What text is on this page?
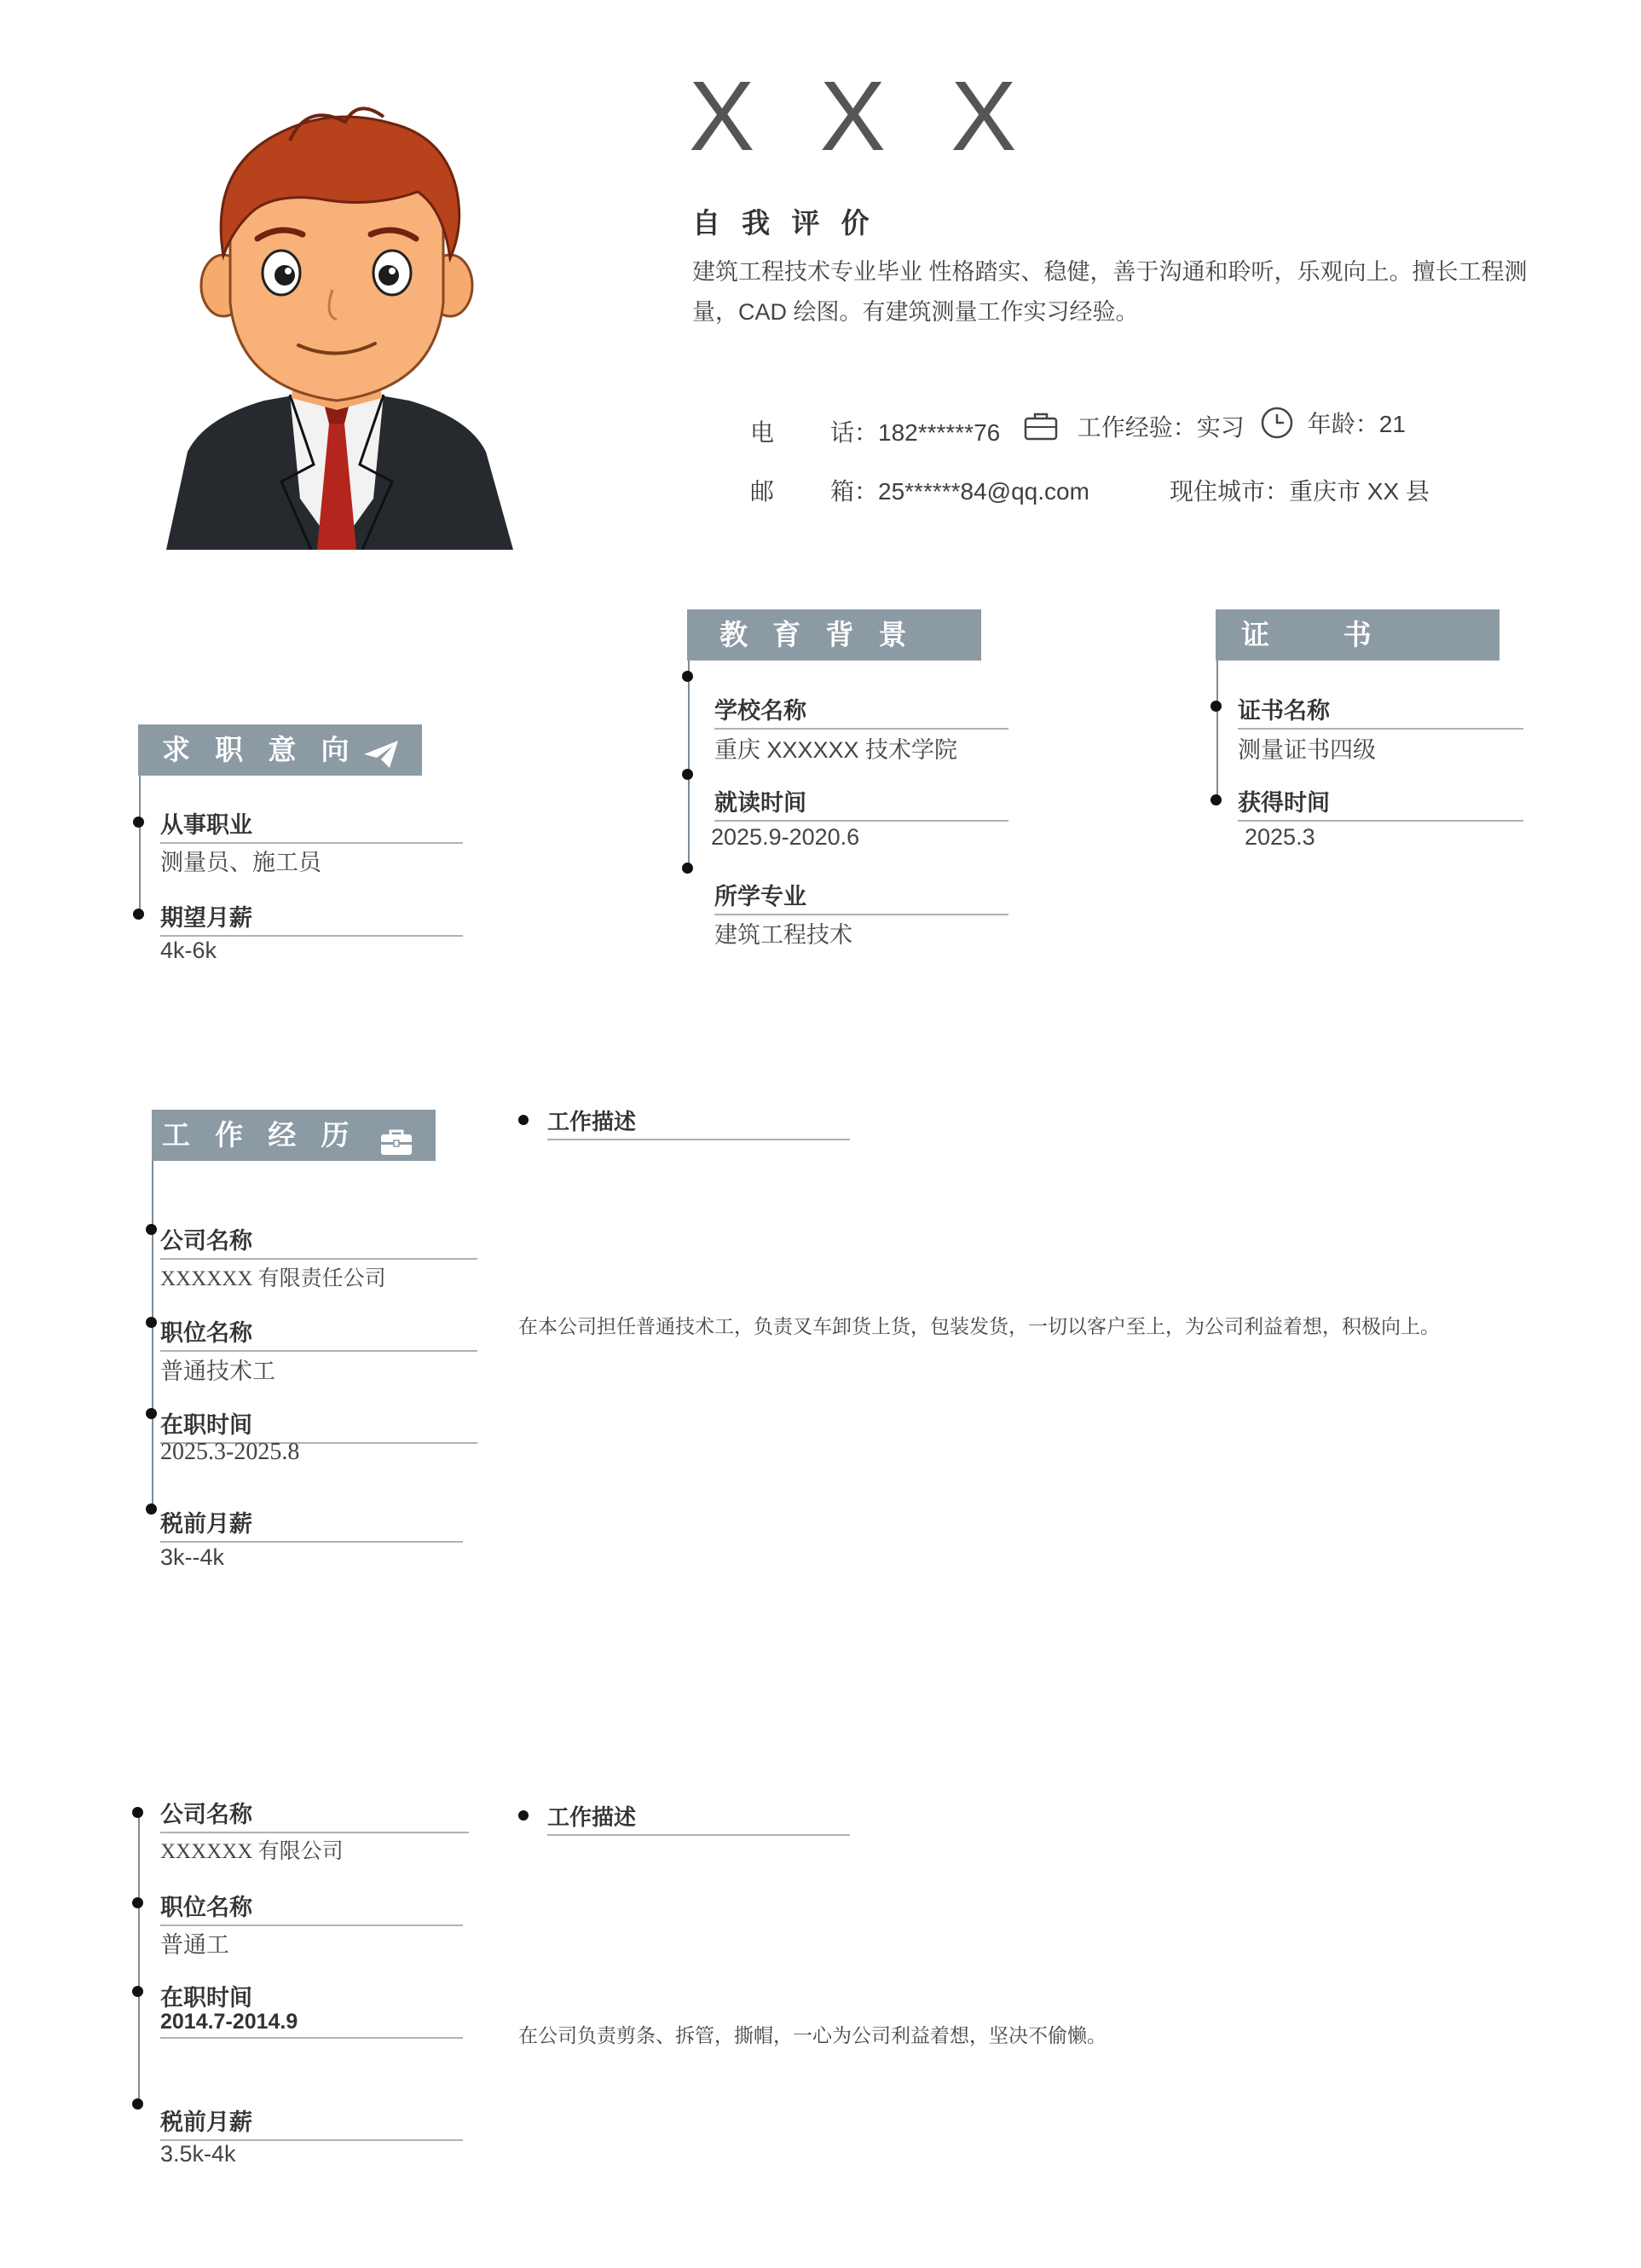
X X X
自 我 评 价
建筑工程技术专业毕业 性格踏实、稳健，善于沟通和聆听，乐观向上。擅长工程测量，CAD 绘图。有建筑测量工作实习经验。
电 话：182******76	工作经验：实习	年龄：21
邮 箱：25******84@qq.com	现住城市：重庆市 XX 县
求 职 意 向
从事职业
测量员、施工员
期望月薪
4k-6k
教 育 背 景
学校名称
重庆 XXXXXX 技术学院
就读时间
2025.9-2020.6
所学专业
建筑工程技术
证    书
证书名称
测量证书四级
获得时间
2025.3
工 作 经 历
公司名称
XXXXXX 有限责任公司
职位名称
普通技术工
在职时间
2025.3-2025.8
税前月薪
3k--4k
工作描述
在本公司担任普通技术工，负责叉车卸货上货，包装发货，一切以客户至上，为公司利益着想，积极向上。
公司名称
XXXXXX 有限公司
职位名称
普通工
在职时间
2014.7-2014.9
税前月薪
3.5k-4k
工作描述
在公司负责剪条、拆管，撕帽，一心为公司利益着想，坚决不偷懒。
